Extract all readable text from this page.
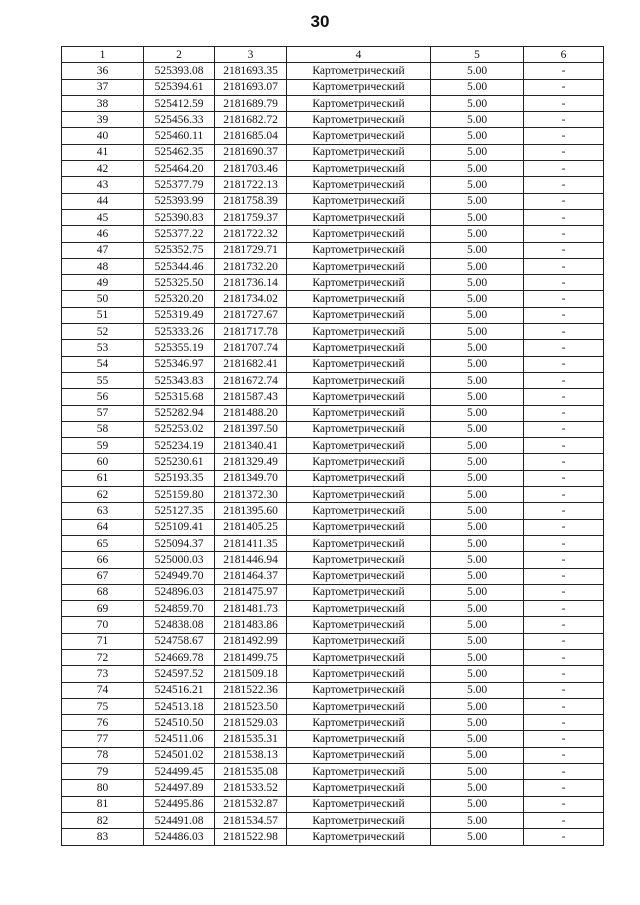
30
1	2	3	4	5	6
36	525393.08	2181693.35	Картометрический	5.00	-
37	525394.61	2181693.07	Картометрический	5.00	-
38	525412.59	2181689.79	Картометрический	5.00	-
39	525456.33	2181682.72	Картометрический	5.00	-
40	525460.11	2181685.04	Картометрический	5.00	-
41	525462.35	2181690.37	Картометрический	5.00	-
42	525464.20	2181703.46	Картометрический	5.00	-
43	525377.79	2181722.13	Картометрический	5.00	-
44	525393.99	2181758.39	Картометрический	5.00	-
45	525390.83	2181759.37	Картометрический	5.00	-
46	525377.22	2181722.32	Картометрический	5.00	-
47	525352.75	2181729.71	Картометрический	5.00	-
48	525344.46	2181732.20	Картометрический	5.00	-
49	525325.50	2181736.14	Картометрический	5.00	-
50	525320.20	2181734.02	Картометрический	5.00	-
51	525319.49	2181727.67	Картометрический	5.00	-
52	525333.26	2181717.78	Картометрический	5.00	-
53	525355.19	2181707.74	Картометрический	5.00	-
54	525346.97	2181682.41	Картометрический	5.00	-
55	525343.83	2181672.74	Картометрический	5.00	-
56	525315.68	2181587.43	Картометрический	5.00	-
57	525282.94	2181488.20	Картометрический	5.00	-
58	525253.02	2181397.50	Картометрический	5.00	-
59	525234.19	2181340.41	Картометрический	5.00	-
60	525230.61	2181329.49	Картометрический	5.00	-
61	525193.35	2181349.70	Картометрический	5.00	-
62	525159.80	2181372.30	Картометрический	5.00	-
63	525127.35	2181395.60	Картометрический	5.00	-
64	525109.41	2181405.25	Картометрический	5.00	-
65	525094.37	2181411.35	Картометрический	5.00	-
66	525000.03	2181446.94	Картометрический	5.00	-
67	524949.70	2181464.37	Картометрический	5.00	-
68	524896.03	2181475.97	Картометрический	5.00	-
69	524859.70	2181481.73	Картометрический	5.00	-
70	524838.08	2181483.86	Картометрический	5.00	-
71	524758.67	2181492.99	Картометрический	5.00	-
72	524669.78	2181499.75	Картометрический	5.00	-
73	524597.52	2181509.18	Картометрический	5.00	-
74	524516.21	2181522.36	Картометрический	5.00	-
75	524513.18	2181523.50	Картометрический	5.00	-
76	524510.50	2181529.03	Картометрический	5.00	-
77	524511.06	2181535.31	Картометрический	5.00	-
78	524501.02	2181538.13	Картометрический	5.00	-
79	524499.45	2181535.08	Картометрический	5.00	-
80	524497.89	2181533.52	Картометрический	5.00	-
81	524495.86	2181532.87	Картометрический	5.00	-
82	524491.08	2181534.57	Картометрический	5.00	-
83	524486.03	2181522.98	Картометрический	5.00	-
